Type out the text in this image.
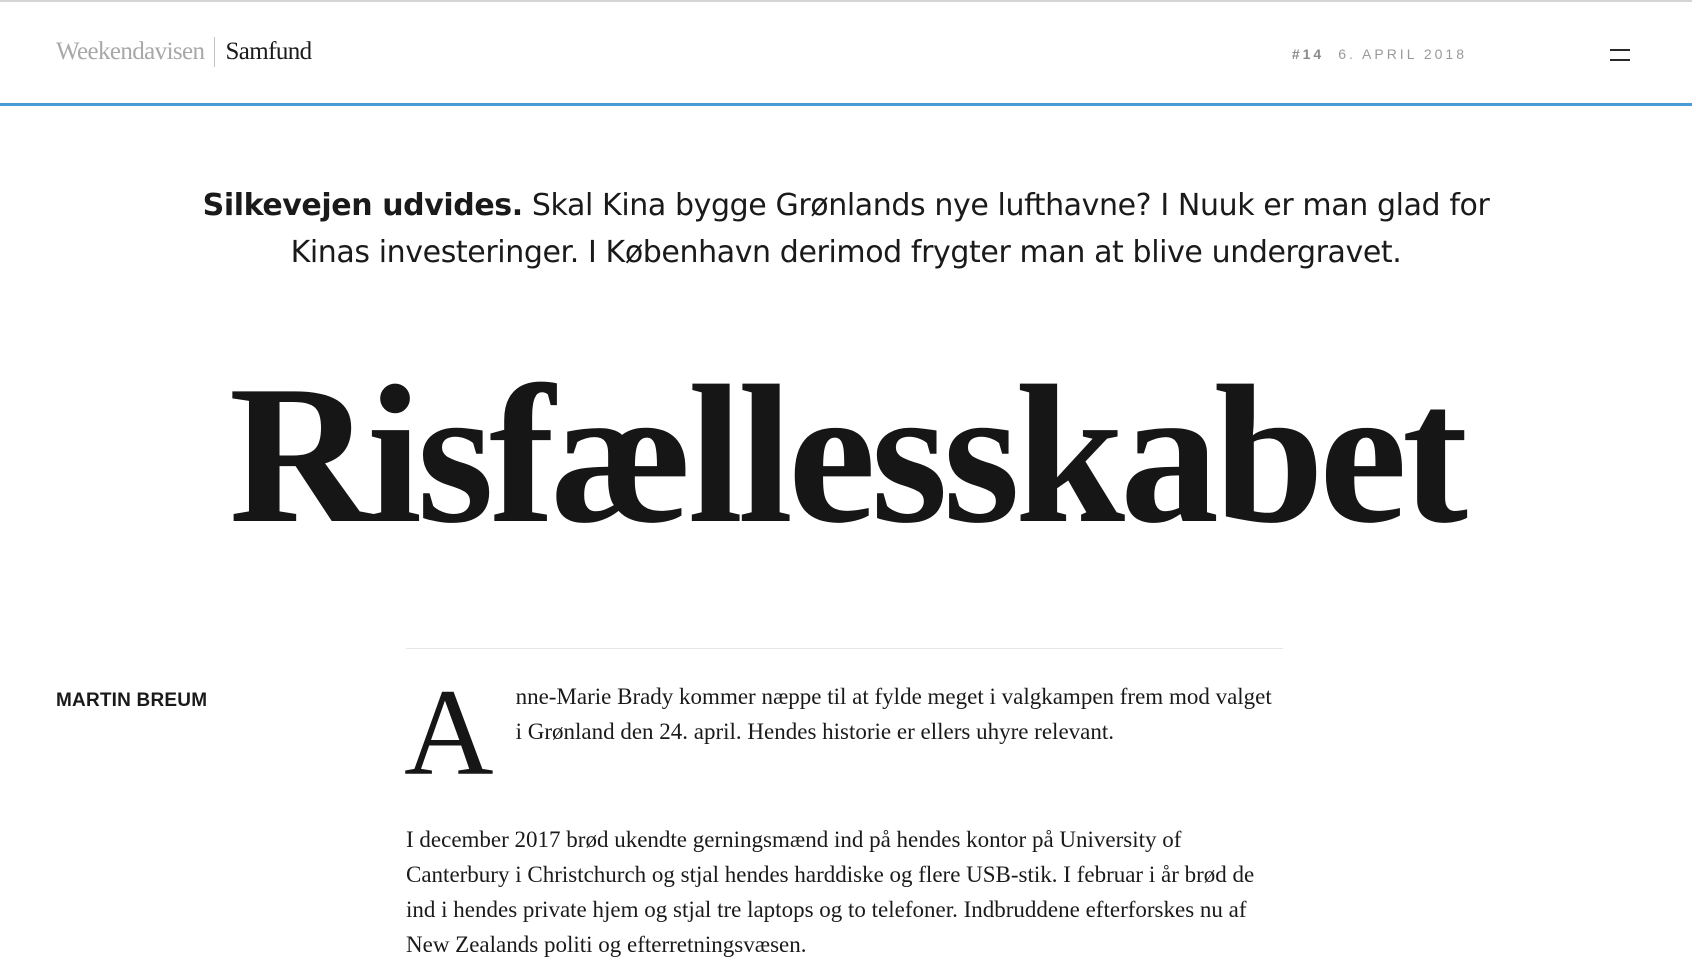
Weekendavisen Samfund	#14 6. APRIL 2018

Silkevejen udvides. Skal Kina bygge Grønlands nye lufthavne? I Nuuk er man glad for Kinas investeringer. I København derimod frygter man at blive undergravet.

Risfællesskabet
MARTIN BREUM A nne-Marie Brady kommer næppe til at fylde meget i valgkampen frem mod valget i Grønland den 24. april. Hendes historie er ellers uhyre relevant.

I december 2017 brød ukendte gerningsmænd ind på hendes kontor på University of Canterbury i Christchurch og stjal hendes harddiske og flere USB-stik. I februar i år brød de ind i hendes private hjem og stjal tre laptops og to telefoner. Indbruddene efterforskes nu af New Zealands politi og efterretningsvæsen.
